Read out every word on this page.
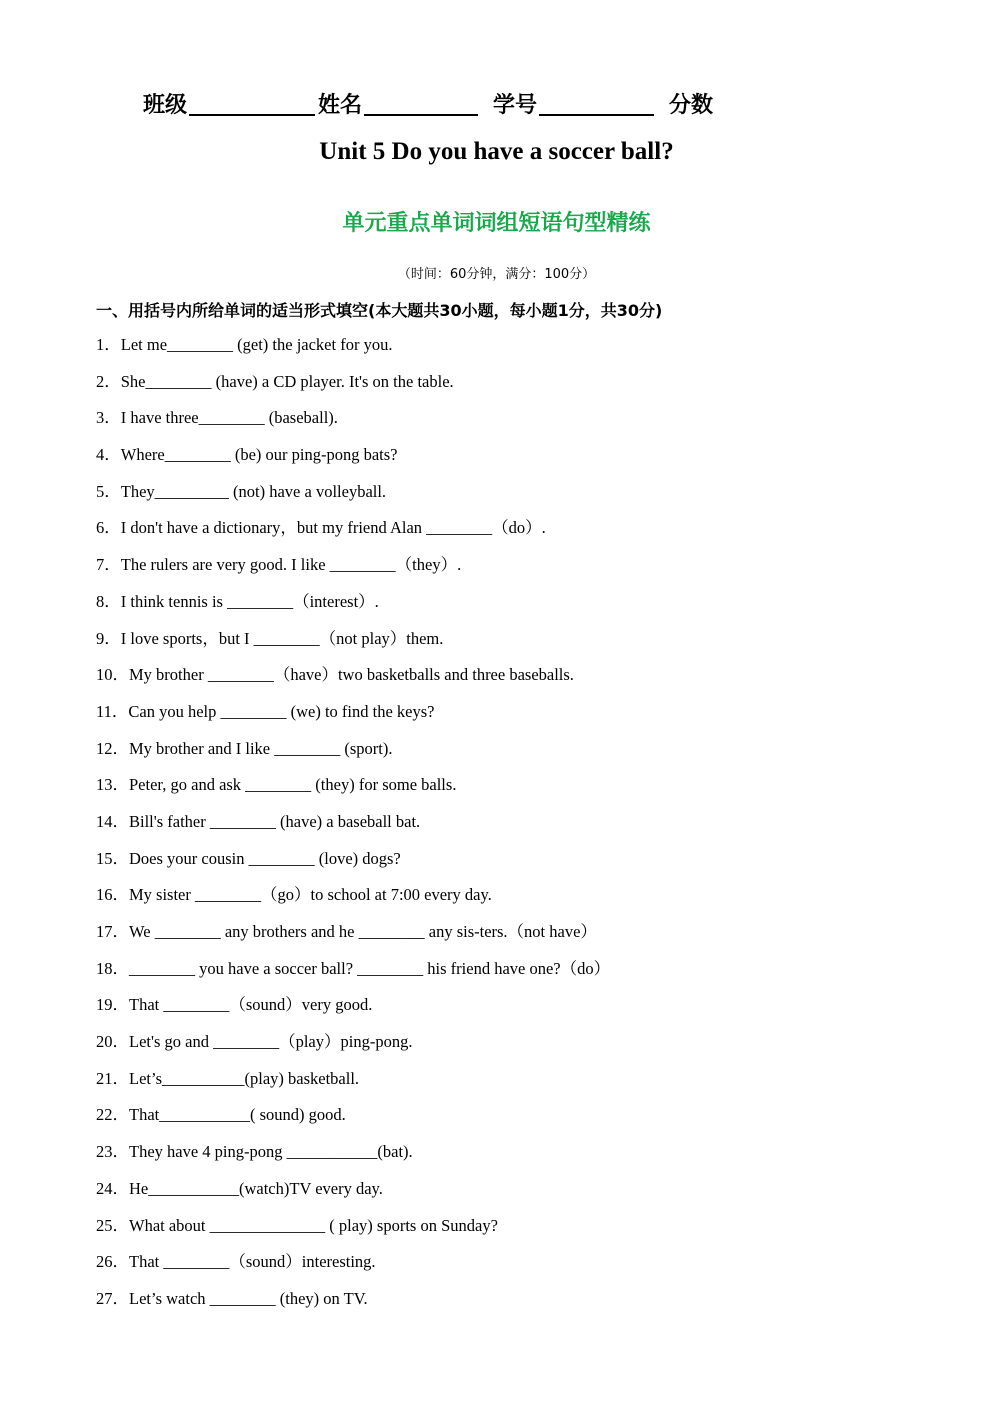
班级	姓名	学号	分数
Unit 5 Do you have a soccer ball?
单元重点单词词组短语句型精练
（时间：60分钟，满分：100分）
一、用括号内所给单词的适当形式填空(本大题共30小题，每小题1分，共30分)
1．Let me________ (get) the jacket for you.
2．She________ (have) a CD player. It's on the table.
3．I have three________ (baseball).
4．Where________ (be) our ping-pong bats?
5．They_________ (not) have a volleyball.
6．I don't have a dictionary，but my friend Alan ________（do）.
7．The rulers are very good. I like ________（they）.
8．I think tennis is ________（interest）.
9．I love sports，but I ________（not play）them.
10．My brother ________（have）two basketballs and three baseballs.
11．Can you help ________ (we) to find the keys?
12．My brother and I like ________ (sport).
13．Peter, go and ask ________ (they) for some balls.
14．Bill's father ________ (have) a baseball bat.
15．Does your cousin ________ (love) dogs?
16．My sister ________（go）to school at 7:00 every day.
17．We ________ any brothers and he ________ any sis-ters.（not have）
18．________ you have a soccer ball? ________ his friend have one?（do）
19．That ________（sound）very good.
20．Let's go and ________（play）ping-pong.
21．Let’s__________(play) basketball.
22．That___________( sound) good.
23．They have 4 ping-pong ___________(bat).
24．He___________(watch)TV every day.
25．What about ______________ ( play) sports on Sunday?
26．That ________（sound）interesting.
27．Let’s watch ________ (they) on TV.
